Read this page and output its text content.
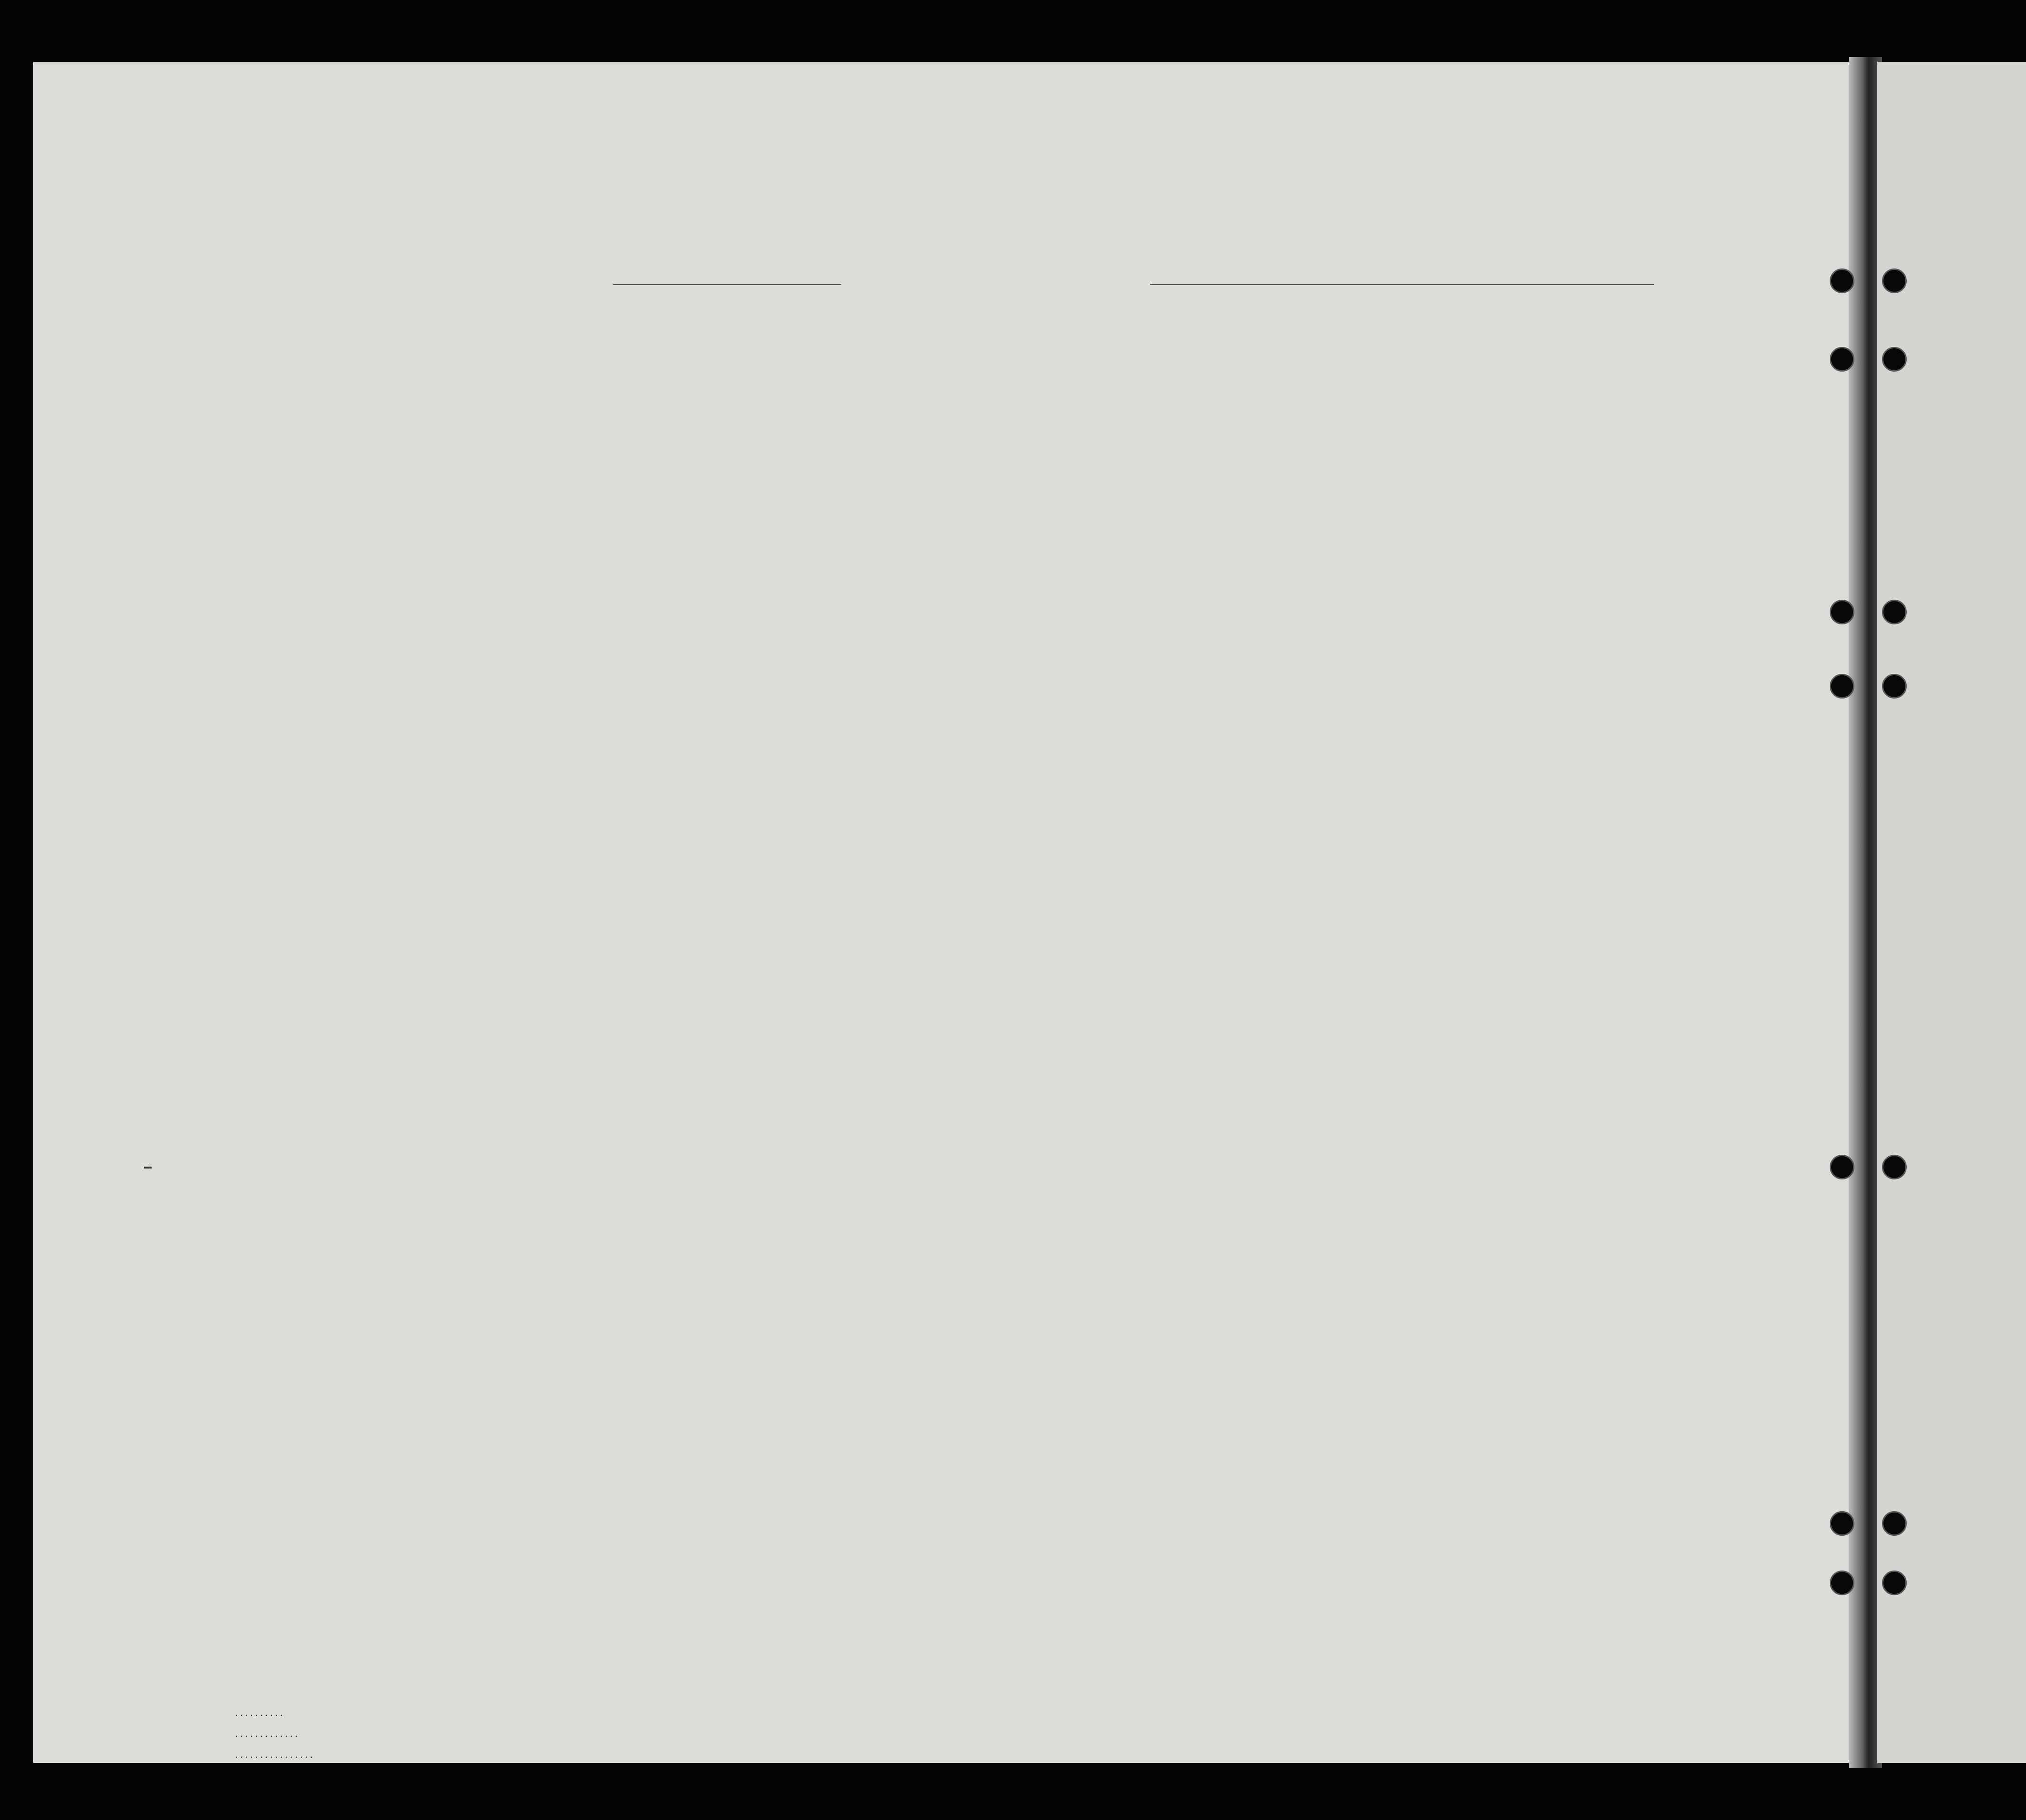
. . . . . . . . . .
. . . . . . . . . . . . .
. . . . . . . . . . . . . . . .
